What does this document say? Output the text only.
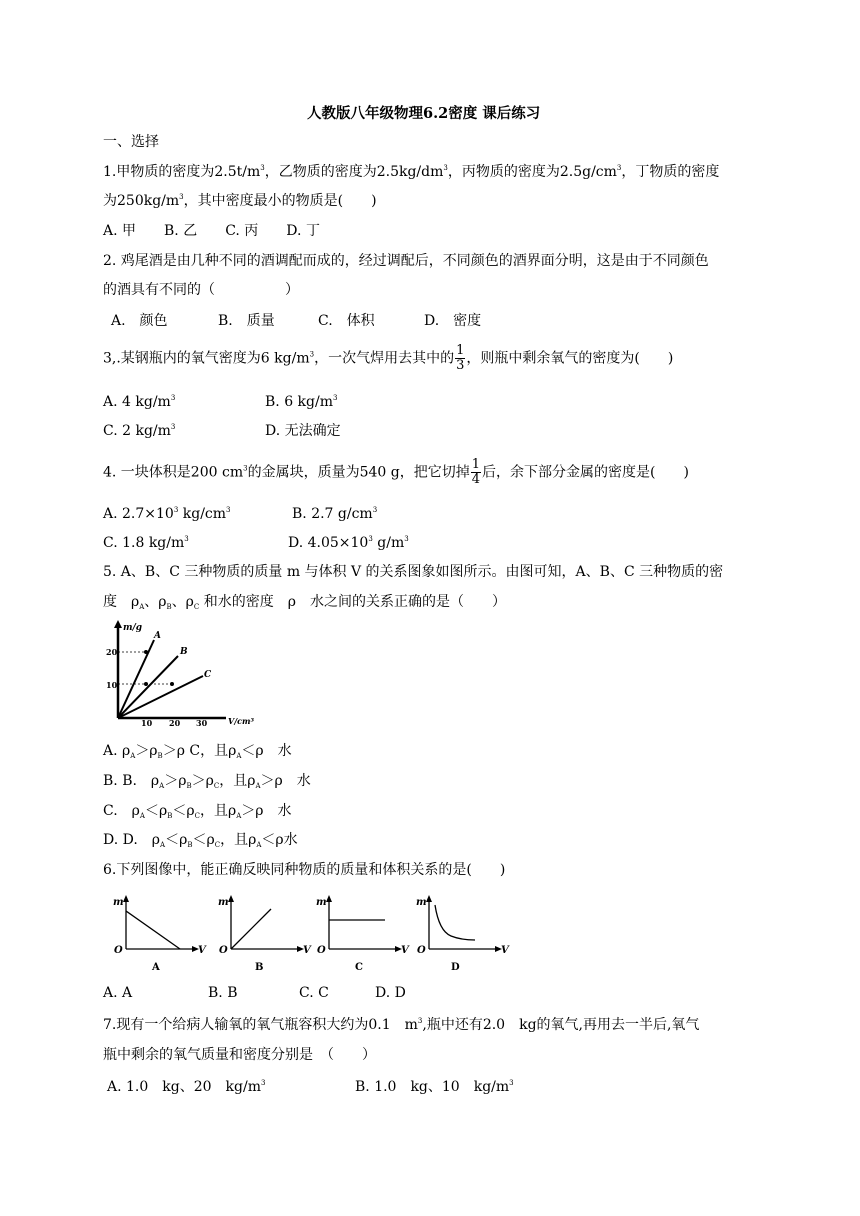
人教版八年级物理6.2密度 课后练习
一、选择
1.甲物质的密度为$2.5t/m^3$，乙物质的密度为$2.5kg/dm^3$，丙物质的密度为$2.5g/cm^3$，丁物质的密度
为$250kg/m^3$，其中密度最小的物质是(　　)
A. 甲　　B. 乙　　C. 丙　　D. 丁
2. 鸡尾酒是由几种不同的酒调配而成的，经过调配后，不同颜色的酒界面分明，这是由于不同颜色
的酒具有不同的（　　　　　）
A.　颜色	B.　质量	C.　体积	D.　密度
3,.某钢瓶内的氧气密度为6 $kg/m^3$，一次气焊用去其中的 $\frac{1}{3}$ ，则瓶中剩余氧气的密度为(　　)
A. 4 $kg/m^3$	B. 6 $kg/m^3$
C. 2 $kg/m^3$	D. 无法确定
4. 一块体积是200 $cm^3$的金属块，质量为540 g，把它切掉 $\frac{1}{4}$ 后，余下部分金属的密度是(　　)
A. $2.7\times 10^3$ $kg/cm^3$	B. 2.7 $g/cm^3$
C. 1.8 $kg/m^3$	D. $4.05\times 10^3$ $g/m^3$
5. A、B、C 三种物质的质量 m 与体积 V 的关系图象如图所示。由图可知，A、B、C 三种物质的密
度　$\rho_A$、$\rho_B$、$\rho_C$ 和水的密度　ρ　水之间的关系正确的是（　　）
m/g
V/cm³
20
10
10 20 30
A
B
C
A. $\rho_A>\rho_B>\rho$ C，且$\rho_A<\rho$　水
B. B.　$\rho_A>\rho_B>\rho_C$，且$\rho_A>\rho$　水
C.　$\rho_A<\rho_B<\rho_C$，且$\rho_A>\rho$　水
D. D.　$\rho_A<\rho_B<\rho_C$，且$\rho_A<\rho$水
6.下列图像中，能正确反映同种物质的质量和体积关系的是(　　)
m
O	V
A
m
O	V
B
m
O	V
C
m
O	V
D
A. A	B. B	C. C	D. D
7.现有一个给病人输氧的氧气瓶容积大约为0.1　$m^3$,瓶中还有2.0　kg的氧气,再用去一半后,氧气
瓶中剩余的氧气质量和密度分别是　（　　）
A. 1.0　kg、20　$kg/m^3$	B. 1.0　kg、10　$kg/m^3$
